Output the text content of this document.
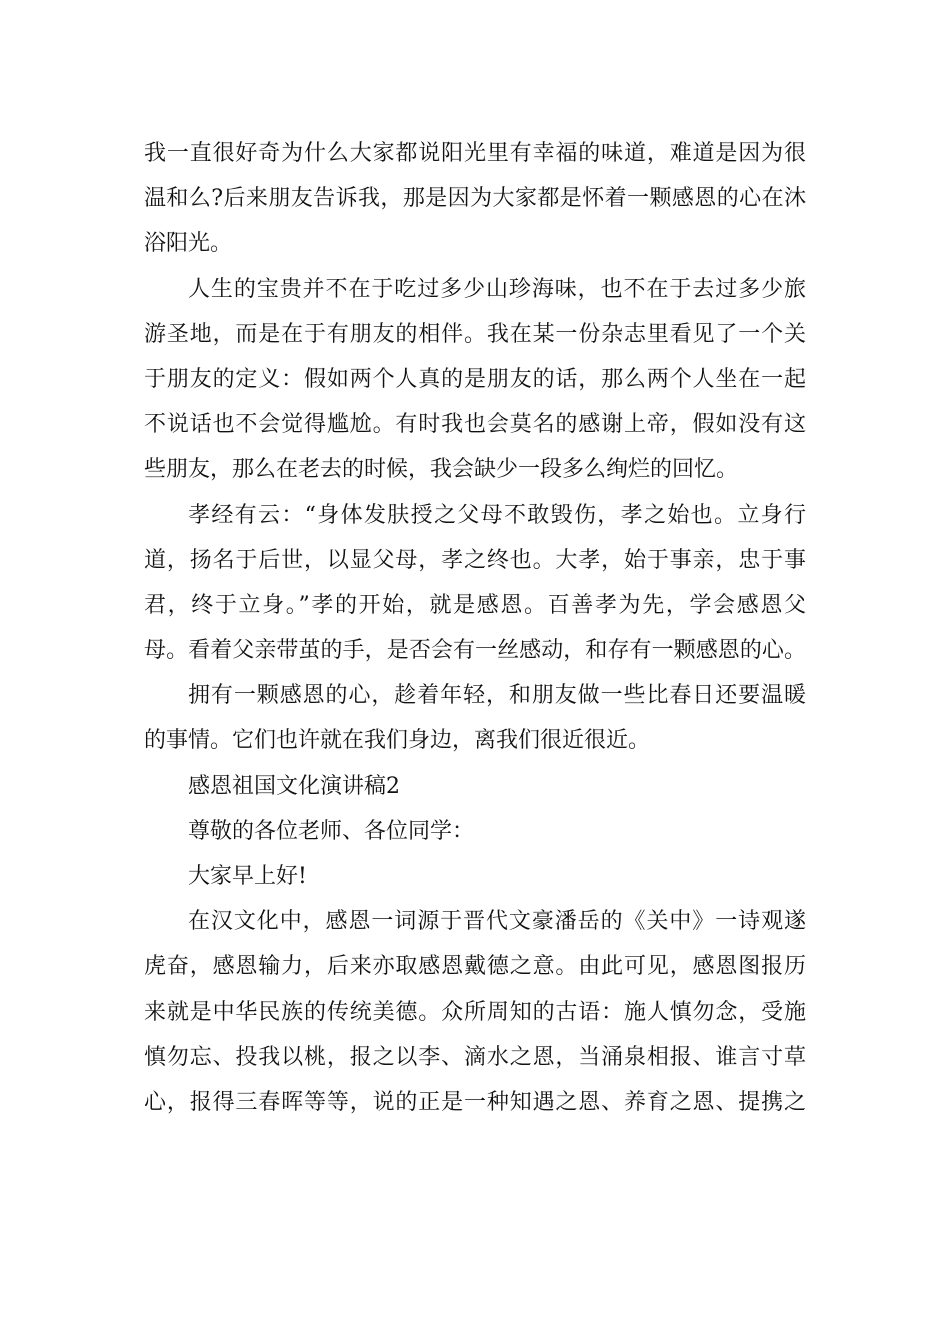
我一直很好奇为什么大家都说阳光里有幸福的味道，难道是因为很
温和么?后来朋友告诉我，那是因为大家都是怀着一颗感恩的心在沐
浴阳光。
人生的宝贵并不在于吃过多少山珍海味，也不在于去过多少旅
游圣地，而是在于有朋友的相伴。我在某一份杂志里看见了一个关
于朋友的定义：假如两个人真的是朋友的话，那么两个人坐在一起
不说话也不会觉得尴尬。有时我也会莫名的感谢上帝，假如没有这
些朋友，那么在老去的时候，我会缺少一段多么绚烂的回忆。
孝经有云：“身体发肤授之父母不敢毁伤，孝之始也。立身行
道，扬名于后世，以显父母，孝之终也。大孝，始于事亲，忠于事
君，终于立身。”孝的开始，就是感恩。百善孝为先，学会感恩父
母。看着父亲带茧的手，是否会有一丝感动，和存有一颗感恩的心。
拥有一颗感恩的心，趁着年轻，和朋友做一些比春日还要温暖
的事情。它们也许就在我们身边，离我们很近很近。
感恩祖国文化演讲稿2
尊敬的各位老师、各位同学：
大家早上好!
在汉文化中，感恩一词源于晋代文豪潘岳的《关中》一诗观遂
虎奋，感恩输力，后来亦取感恩戴德之意。由此可见，感恩图报历
来就是中华民族的传统美德。众所周知的古语：施人慎勿念，受施
慎勿忘、投我以桃，报之以李、滴水之恩，当涌泉相报、谁言寸草
心，报得三春晖等等，说的正是一种知遇之恩、养育之恩、提携之
